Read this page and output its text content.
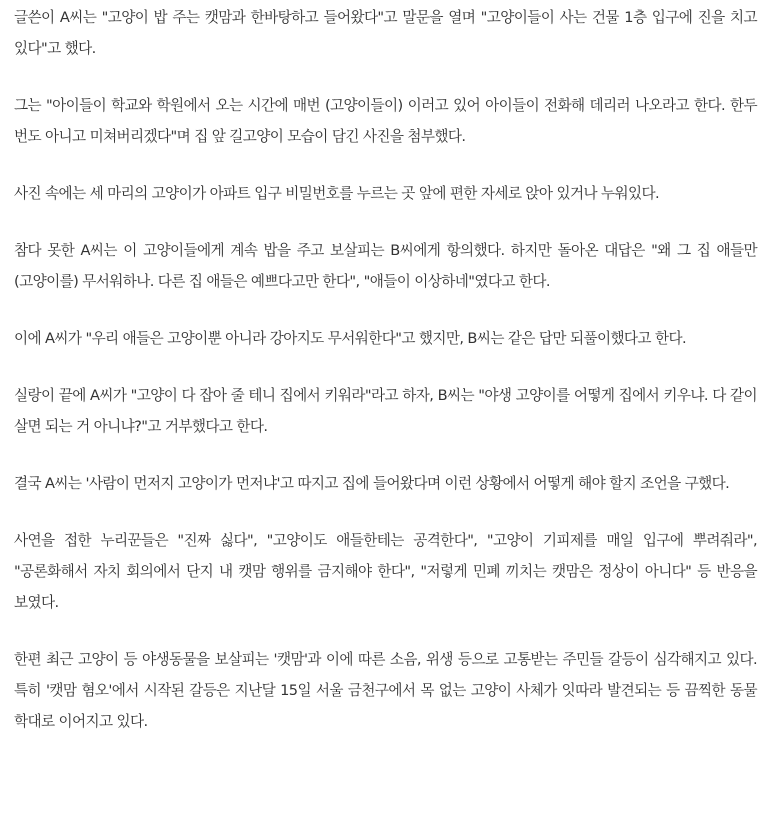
글쓴이 A씨는 "고양이 밥 주는 캣맘과 한바탕하고 들어왔다"고 말문을 열며 "고양이들이 사는 건물 1층 입구에 진을 치고 있다"고 했다.

그는 "아이들이 학교와 학원에서 오는 시간에 매번 (고양이들이) 이러고 있어 아이들이 전화해 데리러 나오라고 한다. 한두 번도 아니고 미쳐버리겠다"며 집 앞 길고양이 모습이 담긴 사진을 첨부했다.

사진 속에는 세 마리의 고양이가 아파트 입구 비밀번호를 누르는 곳 앞에 편한 자세로 앉아 있거나 누워있다.

참다 못한 A씨는 이 고양이들에게 계속 밥을 주고 보살피는 B씨에게 항의했다. 하지만 돌아온 대답은 "왜 그 집 애들만 (고양이를) 무서워하나. 다른 집 애들은 예쁘다고만 한다", "애들이 이상하네"였다고 한다.

이에 A씨가 "우리 애들은 고양이뿐 아니라 강아지도 무서워한다"고 했지만, B씨는 같은 답만 되풀이했다고 한다.

실랑이 끝에 A씨가 "고양이 다 잡아 줄 테니 집에서 키워라"라고 하자, B씨는 "야생 고양이를 어떻게 집에서 키우냐. 다 같이 살면 되는 거 아니냐?"고 거부했다고 한다.

결국 A씨는 '사람이 먼저지 고양이가 먼저냐'고 따지고 집에 들어왔다며 이런 상황에서 어떻게 해야 할지 조언을 구했다.

사연을 접한 누리꾼들은 "진짜 싫다", "고양이도 애들한테는 공격한다", "고양이 기피제를 매일 입구에 뿌려줘라", "공론화해서 자치 회의에서 단지 내 캣맘 행위를 금지해야 한다", "저렇게 민폐 끼치는 캣맘은 정상이 아니다" 등 반응을 보였다.

한편 최근 고양이 등 야생동물을 보살피는 '캣맘'과 이에 따른 소음, 위생 등으로 고통받는 주민들 갈등이 심각해지고 있다. 특히 '캣맘 혐오'에서 시작된 갈등은 지난달 15일 서울 금천구에서 목 없는 고양이 사체가 잇따라 발견되는 등 끔찍한 동물 학대로 이어지고 있다.
